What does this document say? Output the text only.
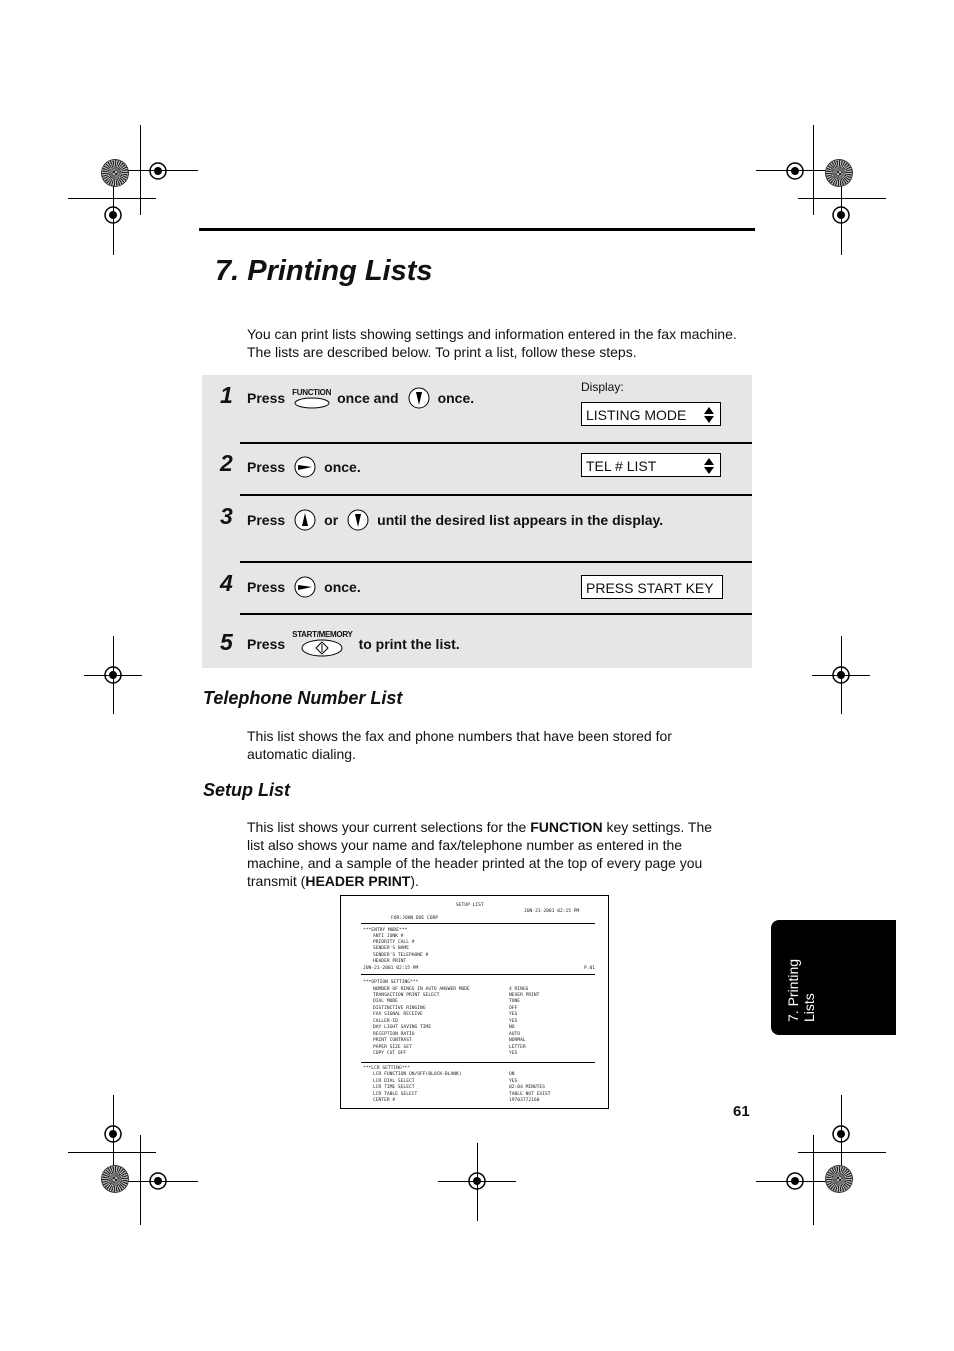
7. Printing Lists

You can print lists showing settings and information entered in the fax machine. The lists are described below. To print a list, follow these steps.

1 Press FUNCTION once and	once.
Display:
LISTING MODE
2 Press	once.	TEL # LIST
3 Press	or	until the desired list appears in the display.
4 Press	once.	PRESS START KEY
5 Press
START/MEMORY
to print the list.
Telephone Number List

This list shows the fax and phone numbers that have been stored for automatic dialing.

Setup List

This list shows your current selections for the FUNCTION key settings. The list also shows your name and fax/telephone number as entered in the machine, and a sample of the header printed at the top of every page you transmit (HEADER PRINT).

SETUP LIST
JUN-21-2001 02:15 PM
FOR:JOHN DOE CORP
***ENTRY MODE***
ANTI JUNK #
PRIORITY CALL #
SENDER'S NAME
SENDER'S TELEPHONE #
HEADER PRINT
JUN-21-2001 02:15 PM	P.01
***OPTION SETTING***
NUMBER OF RINGS IN AUTO ANSWER MODE	4 RINGS
TRANSACTION PRINT SELECT	NEVER PRINT
DIAL MODE	TONE
DISTINCTIVE RINGING	OFF
FAX SIGNAL RECEIVE	YES
CALLER-ID	YES
DAY LIGHT SAVING TIME	NO
RECEPTION RATIO	AUTO
PRINT CONTRAST	NORMAL
PAPER SIZE SET	LETTER
COPY CUT OFF	YES
***LCR SETTING***
LCR FUNCTION ON/OFF(BLOCK-BLANK)	ON
LCR DIAL SELECT	YES
LCR TIME SELECT	02:04 MINUTES
LCR TABLE SELECT	TABLE NOT EXIST
CENTER #	19703772160
7. Printing Lists
61
